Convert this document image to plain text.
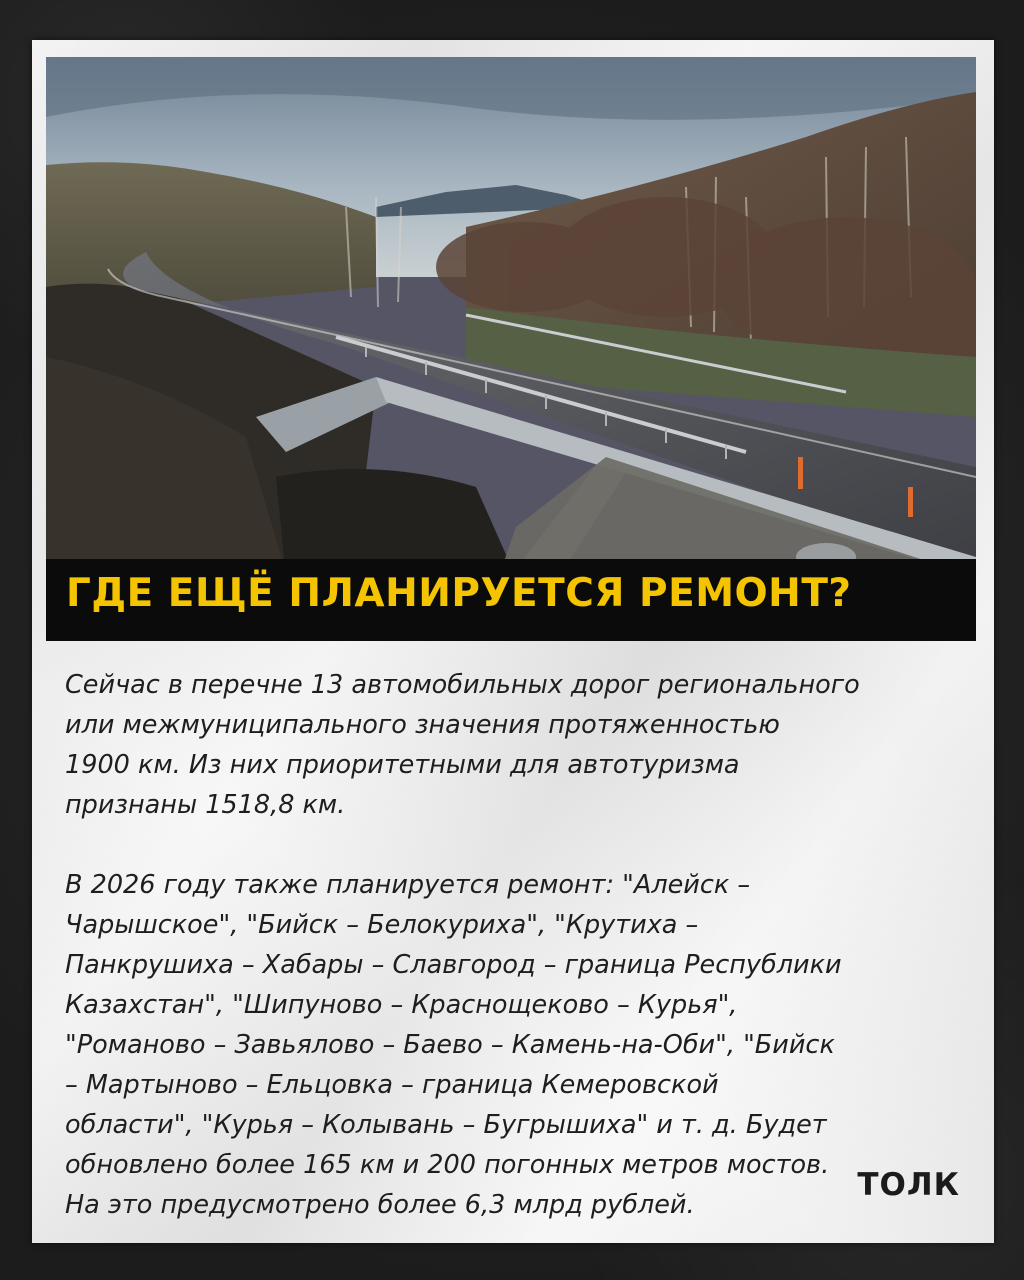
ГДЕ ЕЩЁ ПЛАНИРУЕТСЯ РЕМОНТ?

Сейчас в перечне 13 автомобильных дорог регионального
или межмуниципального значения протяженностью
1900 км. Из них приоритетными для автотуризма
признаны 1518,8 км.

В 2026 году также планируется ремонт: "Алейск –
Чарышское", "Бийск – Белокуриха", "Крутиха –
Панкрушиха – Хабары – Славгород – граница Республики
Казахстан", "Шипуново – Краснощеково – Курья",
"Романово – Завьялово – Баево – Камень-на-Оби", "Бийск
– Мартыново – Ельцовка – граница Кемеровской
области", "Курья – Колывань – Бугрышиха" и т. д. Будет
обновлено более 165 км и 200 погонных метров мостов.
На это предусмотрено более 6,3 млрд рублей.

ТОЛК
